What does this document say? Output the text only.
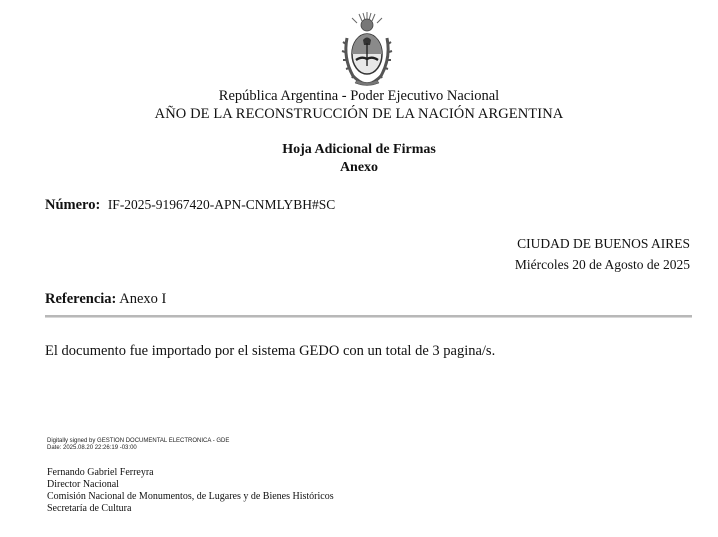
República Argentina - Poder Ejecutivo Nacional
AÑO DE LA RECONSTRUCCIÓN DE LA NACIÓN ARGENTINA
Hoja Adicional de Firmas
Anexo
Número: IF-2025-91967420-APN-CNMLYBH#SC
CIUDAD DE BUENOS AIRES
Miércoles 20 de Agosto de 2025
Referencia: Anexo I
El documento fue importado por el sistema GEDO con un total de 3 pagina/s.
Digitally signed by GESTION DOCUMENTAL ELECTRONICA - GDE
Date: 2025.08.20 22:26:19 -03:00
Fernando Gabriel Ferreyra
Director Nacional
Comisión Nacional de Monumentos, de Lugares y de Bienes Históricos
Secretaría de Cultura
